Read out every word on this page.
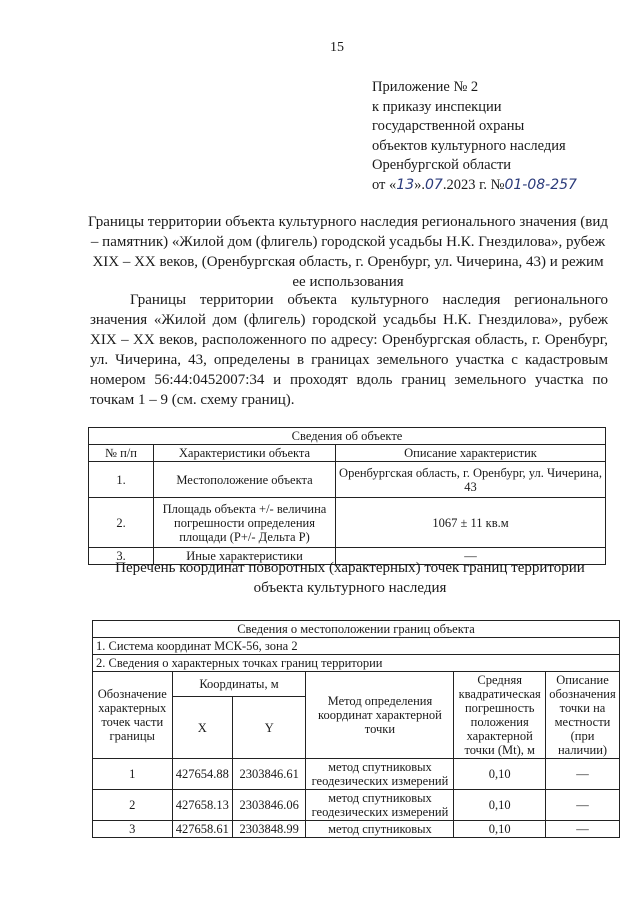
15
Приложение № 2
к приказу инспекции
государственной охраны
объектов культурного наследия
Оренбургской области
от «13».07.2023 г. №01-08-257
Границы территории объекта культурного наследия регионального значения (вид – памятник) «Жилой дом (флигель) городской усадьбы Н.К. Гнездилова», рубеж XIX – XX веков, (Оренбургская область, г. Оренбург, ул. Чичерина, 43) и режим ее использования
Границы территории объекта культурного наследия регионального значения «Жилой дом (флигель) городской усадьбы Н.К. Гнездилова», рубеж XIX – XX веков, расположенного по адресу: Оренбургская область, г. Оренбург, ул. Чичерина, 43, определены в границах земельного участка с кадастровым номером 56:44:0452007:34 и проходят вдоль границ земельного участка по точкам 1 – 9 (см. схему границ).
Сведения об объекте		
№ п/п	Характеристики объекта	Описание характеристик
1.	Местоположение объекта	Оренбургская область, г. Оренбург, ул. Чичерина, 43
2.	Площадь объекта +/- величина погрешности определения площади (Р+/- Дельта Р)	1067 ± 11 кв.м
3.	Иные характеристики	—
Перечень координат поворотных (характерных) точек границ территории объекта культурного наследия
Сведения о местоположении границ объекта					
1. Система координат МСК-56, зона 2					
2. Сведения о характерных точках границ территории					
Обозначение характерных точек части границы	Координаты, м		Метод определения координат характерной точки	Средняя квадратическая погрешность положения характерной точки (Mt), м	Описание обозначения точки на местности (при наличии)
	X	Y			
1	427654.88	2303846.61	метод спутниковых геодезических измерений	0,10	—
2	427658.13	2303846.06	метод спутниковых геодезических измерений	0,10	—
3	427658.61	2303848.99	метод спутниковых	0,10	—
